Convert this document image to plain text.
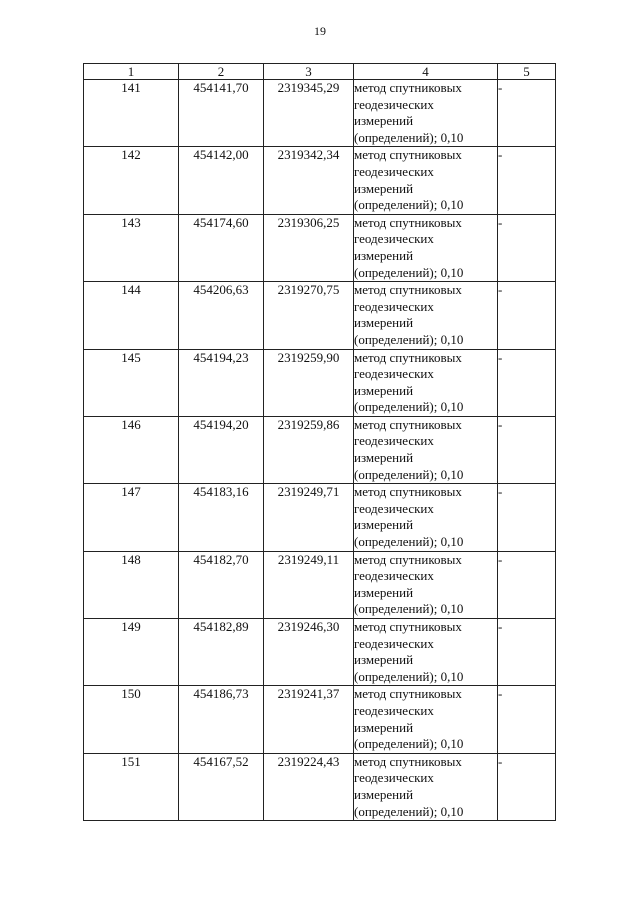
19
1	2	3	4	5
141	454141,70	2319345,29	метод спутниковых
геодезических
измерений
(определений); 0,10	-
142	454142,00	2319342,34	метод спутниковых
геодезических
измерений
(определений); 0,10	-
143	454174,60	2319306,25	метод спутниковых
геодезических
измерений
(определений); 0,10	-
144	454206,63	2319270,75	метод спутниковых
геодезических
измерений
(определений); 0,10	-
145	454194,23	2319259,90	метод спутниковых
геодезических
измерений
(определений); 0,10	-
146	454194,20	2319259,86	метод спутниковых
геодезических
измерений
(определений); 0,10	-
147	454183,16	2319249,71	метод спутниковых
геодезических
измерений
(определений); 0,10	-
148	454182,70	2319249,11	метод спутниковых
геодезических
измерений
(определений); 0,10	-
149	454182,89	2319246,30	метод спутниковых
геодезических
измерений
(определений); 0,10	-
150	454186,73	2319241,37	метод спутниковых
геодезических
измерений
(определений); 0,10	-
151	454167,52	2319224,43	метод спутниковых
геодезических
измерений
(определений); 0,10	-
